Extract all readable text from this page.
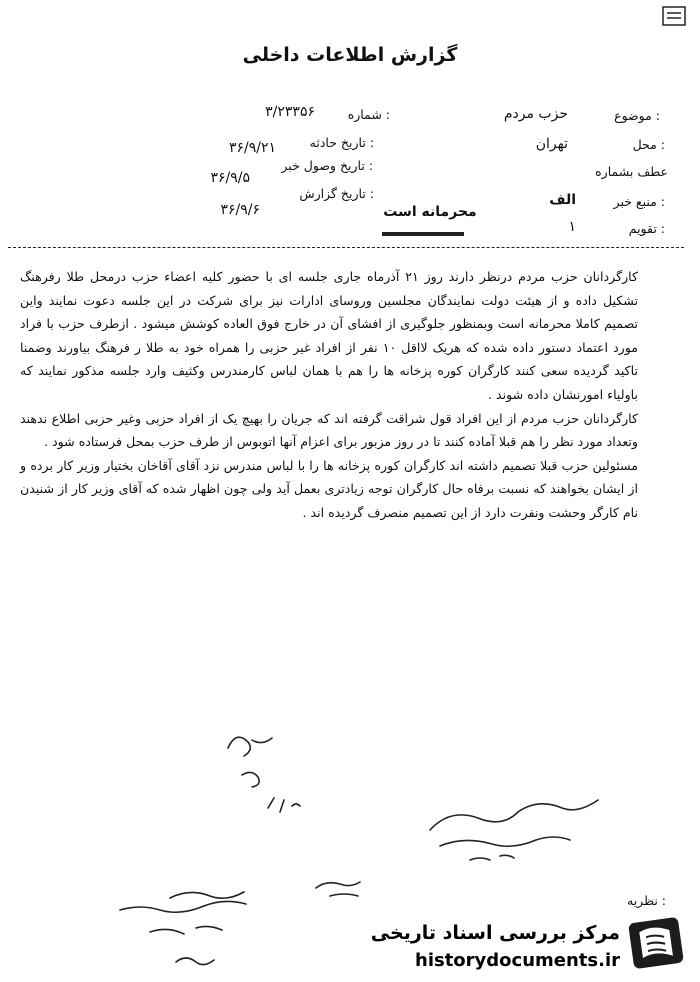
گزارش اطلاعات داخلی
موضوع :
حزب مردم
محل :
تهران
عطف بشماره
منبع خبر :
الف
تقویم :
۱
شماره :
۳/۲۳۳۵۶
تاریخ حادثه :
۳۶/۹/۲۱
تاریخ وصول خبر :
۳۶/۹/۵
تاریخ گزارش :
۳۶/۹/۶	محرمانه است

کارگردانان حزب مردم درنظر دارند روز ۲۱ آذرماه جاری جلسه ای با حضور کلیه اعضاء حزب درمحل طلا رفرهنگ تشکیل داده و از هیئت دولت نمایندگان مجلسین وروسای ادارات نیز برای شرکت در این جلسه دعوت نمایند واین تصمیم کاملا محرمانه است وبمنظور جلوگیری از افشای آن در خارج فوق العاده کوشش میشود . ازطرف حزب با فراد مورد اعتماد دستور داده شده که هریک لااقل ۱۰ نفر از افراد غیر حزبی را همراه خود به طلا ر فرهنگ بیاورند وضمنا تاکید گردیده سعی کنند کارگران کوره پزخانه ها را هم با همان لباس کارمندرس وکثیف وارد جلسه مذکور نمایند که باولیاء امورنشان داده شوند .

کارگردانان حزب مردم از این افراد قول شراقت گرفته اند که جریان را بهیچ یک از افراد حزبی وغیر حزبی اطلاع ندهند وتعداد مورد نظر را هم قبلا آماده کنند تا در روز مزبور برای اعزام آنها اتوبوس از طرف حزب بمحل فرستاده شود .

مسئولین حزب قبلا تصمیم داشته اند کارگران کوره پزخانه ها را با لباس مندرس نزد آقای آقاخان بختیار وزیر کار برده و از ایشان بخواهند که نسبت برفاه حال کارگران توجه زیادتری بعمل آید ولی چون اظهار شده که آقای وزیر کار از شنیدن نام کارگر وحشت ونفرت دارد از این تصمیم منصرف گردیده اند .

نظریه :
مرکز بررسی اسناد تاریخی
historydocuments.ir
